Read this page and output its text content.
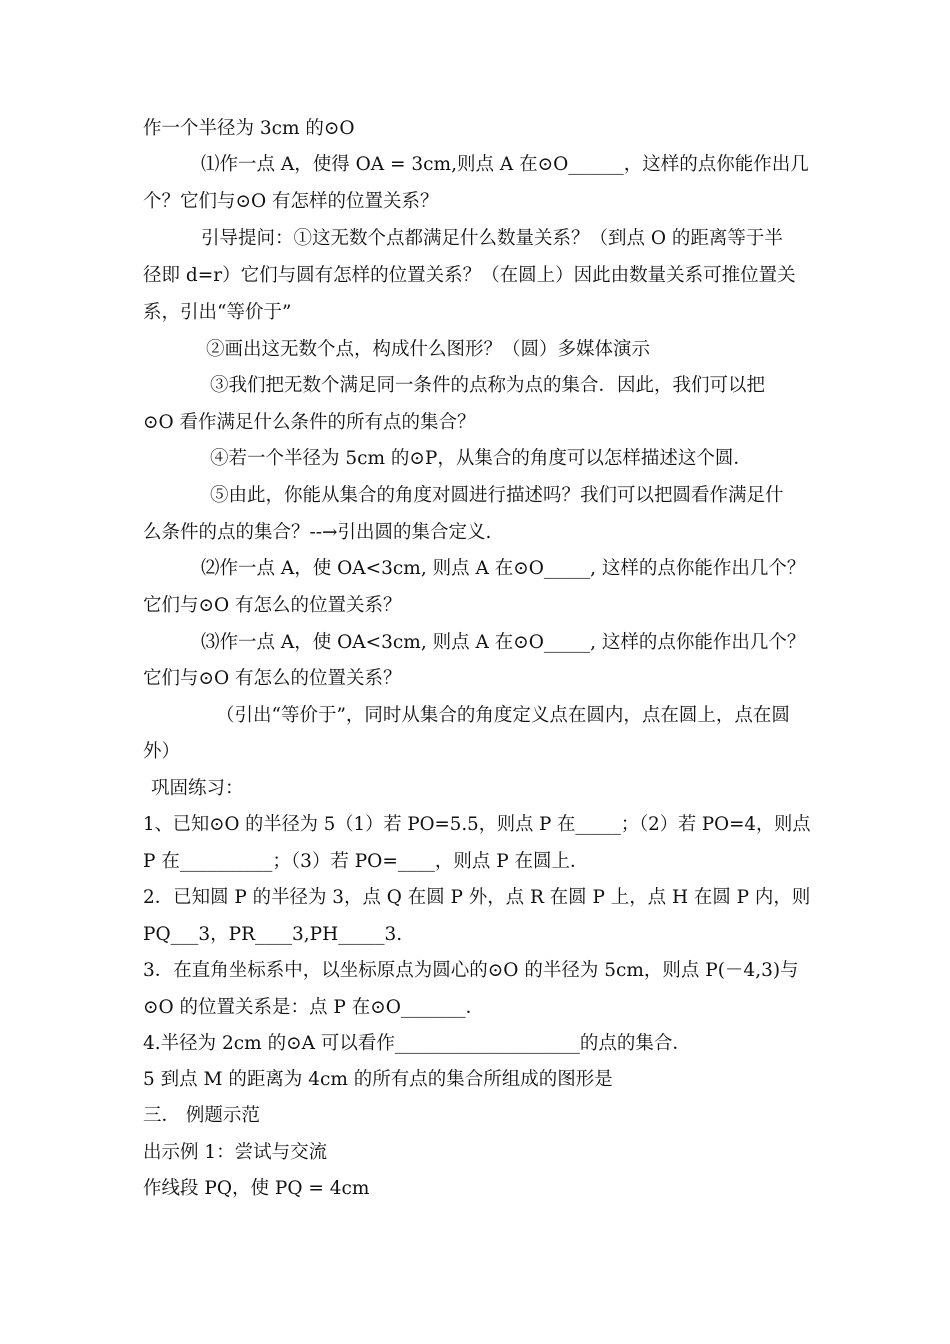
作一个半径为 3cm 的⊙O
⑴作一点 A，使得 OA = 3cm,则点 A 在⊙O______，这样的点你能作出几
个？它们与⊙O 有怎样的位置关系？
引导提问：①这无数个点都满足什么数量关系？（到点 O 的距离等于半
径即 d=r）它们与圆有怎样的位置关系？（在圆上）因此由数量关系可推位置关
系，引出“等价于”
②画出这无数个点，构成什么图形？（圆）多媒体演示
③我们把无数个满足同一条件的点称为点的集合．因此，我们可以把
⊙O 看作满足什么条件的所有点的集合？
④若一个半径为 5cm 的⊙P，从集合的角度可以怎样描述这个圆．
⑤由此，你能从集合的角度对圆进行描述吗？我们可以把圆看作满足什
么条件的点的集合？--→引出圆的集合定义.
⑵作一点 A，使 OA<3cm, 则点 A 在⊙O_____, 这样的点你能作出几个？
它们与⊙O 有怎么的位置关系？
⑶作一点 A，使 OA<3cm, 则点 A 在⊙O_____, 这样的点你能作出几个？
它们与⊙O 有怎么的位置关系？
（引出“等价于”，同时从集合的角度定义点在圆内，点在圆上，点在圆
外）
巩固练习：
1、已知⊙O 的半径为 5（1）若 PO=5.5，则点 P 在_____；（2）若 PO=4，则点
P 在__________；（3）若 PO=____，则点 P 在圆上．
2．已知圆 P 的半径为 3，点 Q 在圆 P 外，点 R 在圆 P 上，点 H 在圆 P 内，则
PQ___3，PR____3,PH_____3.
3．在直角坐标系中，以坐标原点为圆心的⊙O 的半径为 5cm，则点 P(－4,3)与
⊙O 的位置关系是：点 P 在⊙O_______．
4.半径为 2cm 的⊙A 可以看作____________________的点的集合．
5 到点 M 的距离为 4cm 的所有点的集合所组成的图形是
三． 例题示范
出示例 1：尝试与交流
作线段 PQ，使 PQ = 4cm
